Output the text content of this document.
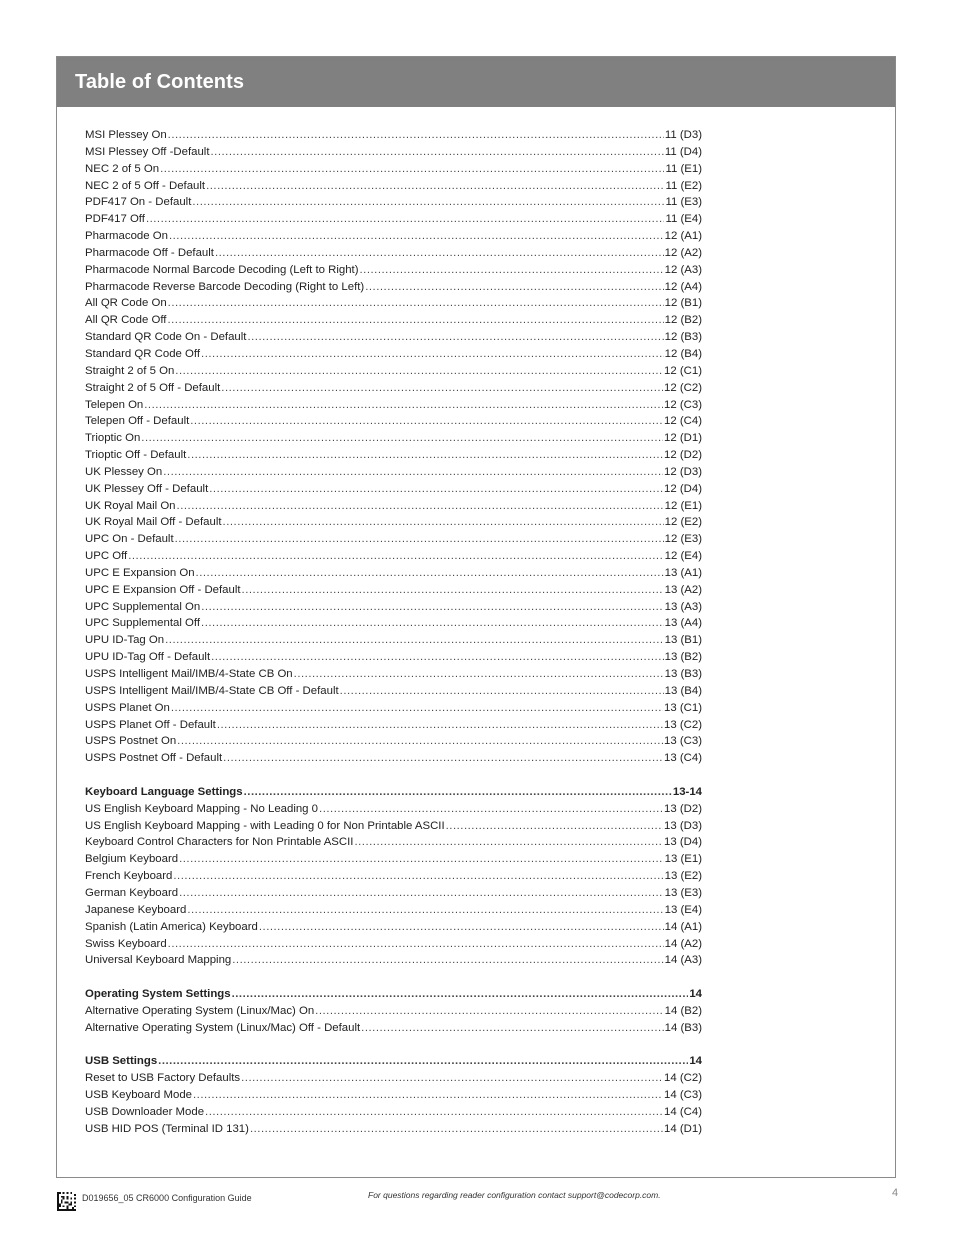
Table of Contents
MSI Plessey On .....	11 (D3)
MSI Plessey Off -Default .....	11 (D4)
NEC 2 of 5 On .....	11 (E1)
NEC 2 of 5 Off - Default .....	11 (E2)
PDF417 On - Default .....	11 (E3)
PDF417 Off .....	11 (E4)
Pharmacode On .....	12 (A1)
Pharmacode Off - Default .....	12 (A2)
Pharmacode Normal Barcode Decoding (Left to Right) .....	12 (A3)
Pharmacode Reverse Barcode Decoding (Right to Left) .....	12 (A4)
All QR Code On .....	12 (B1)
All QR Code Off .....	12 (B2)
Standard QR Code On - Default .....	12 (B3)
Standard QR Code Off .....	12 (B4)
Straight 2 of 5 On .....	12 (C1)
Straight 2 of 5 Off - Default .....	12 (C2)
Telepen On .....	12 (C3)
Telepen Off - Default .....	12 (C4)
Trioptic On .....	12 (D1)
Trioptic Off - Default .....	12 (D2)
UK Plessey On .....	12 (D3)
UK Plessey Off - Default .....	12 (D4)
UK Royal Mail On .....	12 (E1)
UK Royal Mail Off - Default .....	12 (E2)
UPC On - Default .....	12 (E3)
UPC Off .....	12 (E4)
UPC E Expansion On .....	13 (A1)
UPC E Expansion Off - Default .....	13 (A2)
UPC Supplemental On .....	13 (A3)
UPC Supplemental Off .....	13 (A4)
UPU ID-Tag On .....	13 (B1)
UPU ID-Tag Off - Default .....	13 (B2)
USPS Intelligent Mail/IMB/4-State CB On .....	13 (B3)
USPS Intelligent Mail/IMB/4-State CB Off - Default .....	13 (B4)
USPS Planet On .....	13 (C1)
USPS Planet Off - Default .....	13 (C2)
USPS Postnet On .....	13 (C3)
USPS Postnet Off - Default .....	13 (C4)
Keyboard Language Settings .....	13-14
US English Keyboard Mapping - No Leading 0 .....	13 (D2)
US English Keyboard Mapping - with Leading 0 for Non Printable ASCII .....	13 (D3)
Keyboard Control Characters for Non Printable ASCII .....	13 (D4)
Belgium Keyboard .....	13 (E1)
French Keyboard .....	13 (E2)
German Keyboard .....	13 (E3)
Japanese Keyboard .....	13 (E4)
Spanish (Latin America) Keyboard .....	14 (A1)
Swiss Keyboard .....	14 (A2)
Universal Keyboard Mapping .....	14 (A3)
Operating System Settings .....	14
Alternative Operating System (Linux/Mac) On .....	14 (B2)
Alternative Operating System (Linux/Mac) Off - Default .....	14 (B3)
USB Settings .....	14
Reset to USB Factory Defaults .....	14 (C2)
USB Keyboard Mode .....	14 (C3)
USB Downloader Mode .....	14 (C4)
USB HID POS (Terminal ID 131) .....	14 (D1)
D019656_05 CR6000 Configuration Guide	For questions regarding reader configuration contact support@codecorp.com.	4
